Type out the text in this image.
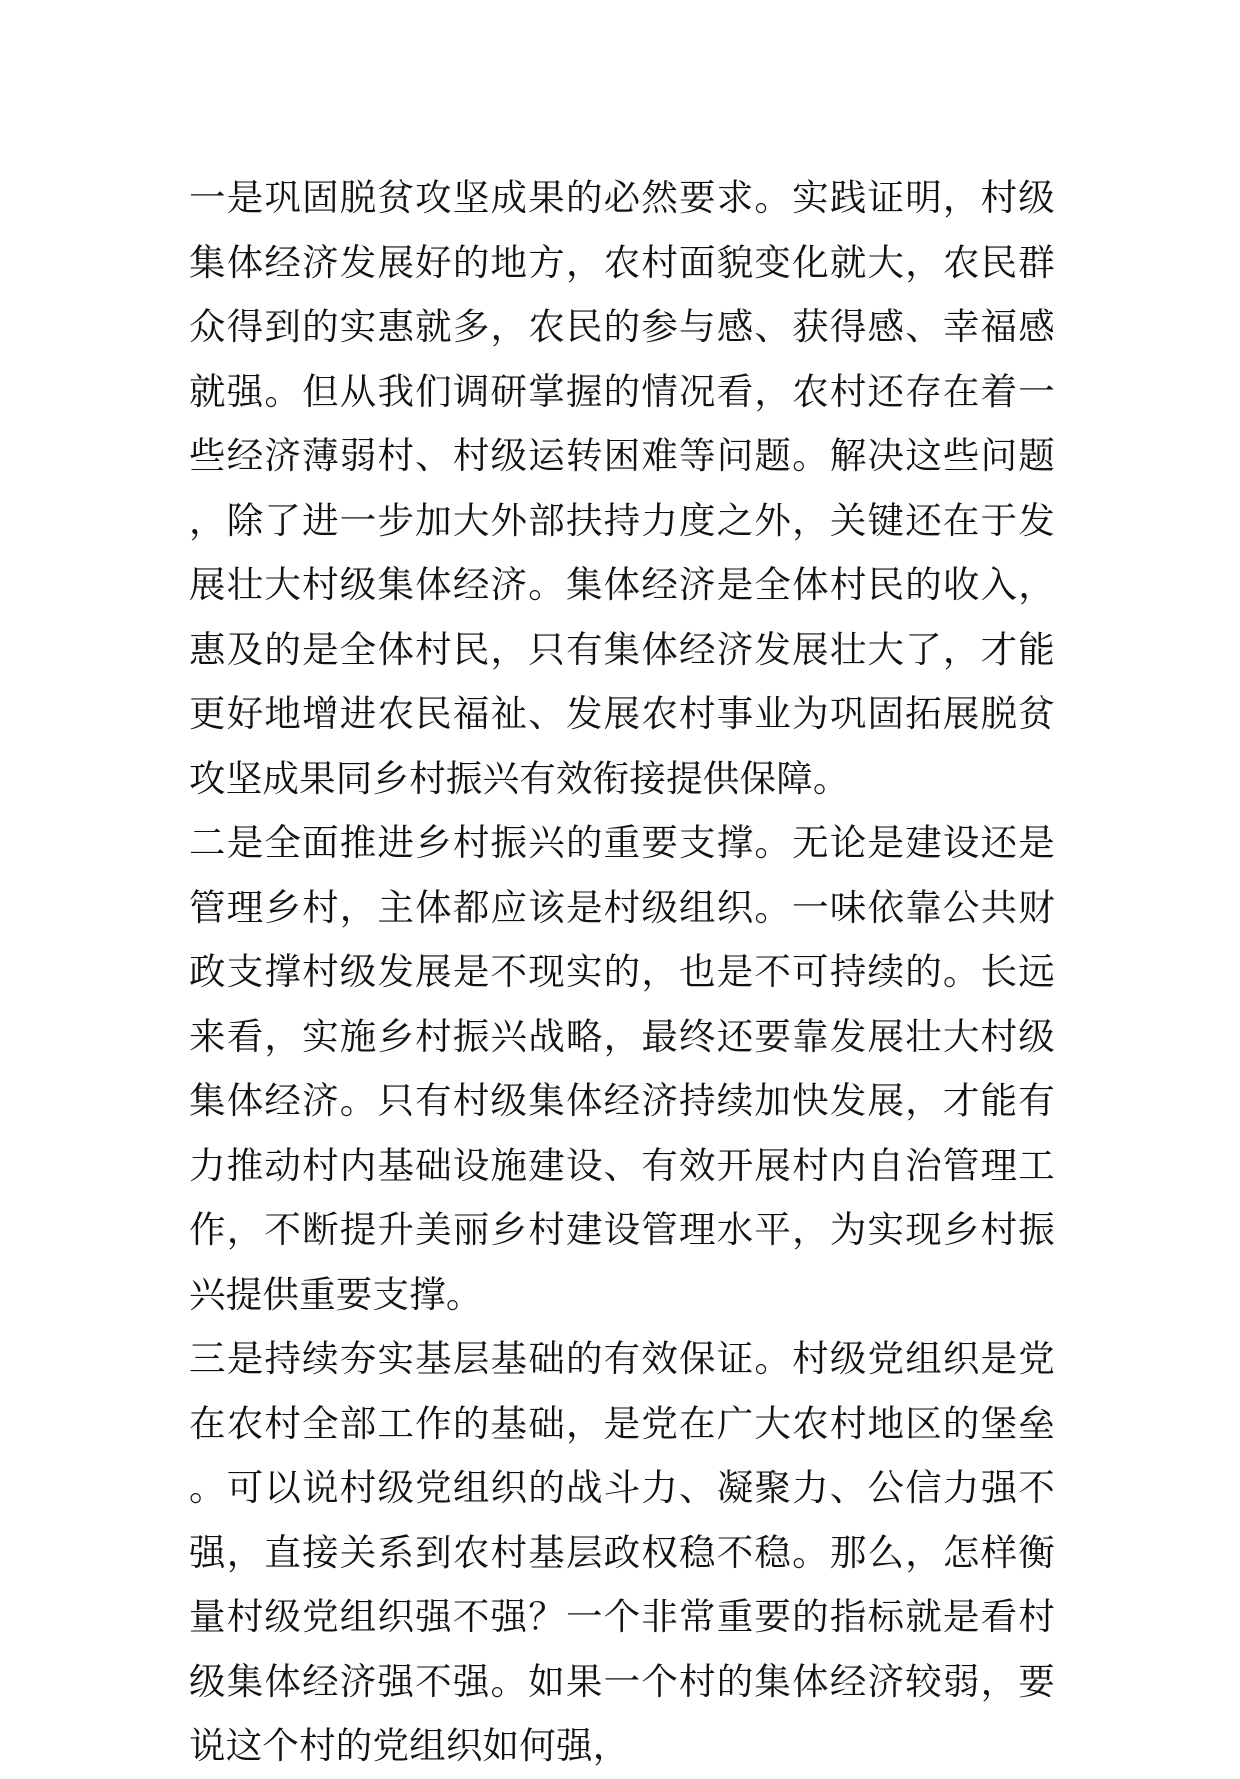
一是巩固脱贫攻坚成果的必然要求。实践证明，村级集体经济发展好的地方，农村面貌变化就大，农民群众得到的实惠就多，农民的参与感、获得感、幸福感就强。但从我们调研掌握的情况看，农村还存在着一些经济薄弱村、村级运转困难等问题。解决这些问题，除了进一步加大外部扶持力度之外，关键还在于发展壮大村级集体经济。集体经济是全体村民的收入，惠及的是全体村民，只有集体经济发展壮大了，才能更好地增进农民福祉、发展农村事业为巩固拓展脱贫攻坚成果同乡村振兴有效衔接提供保障。

二是全面推进乡村振兴的重要支撑。无论是建设还是管理乡村，主体都应该是村级组织。一味依靠公共财政支撑村级发展是不现实的，也是不可持续的。长远来看，实施乡村振兴战略，最终还要靠发展壮大村级集体经济。只有村级集体经济持续加快发展，才能有力推动村内基础设施建设、有效开展村内自治管理工作，不断提升美丽乡村建设管理水平，为实现乡村振兴提供重要支撑。

三是持续夯实基层基础的有效保证。村级党组织是党在农村全部工作的基础，是党在广大农村地区的堡垒。可以说村级党组织的战斗力、凝聚力、公信力强不强，直接关系到农村基层政权稳不稳。那么，怎样衡量村级党组织强不强？一个非常重要的指标就是看村级集体经济强不强。如果一个村的集体经济较弱，要说这个村的党组织如何强，
